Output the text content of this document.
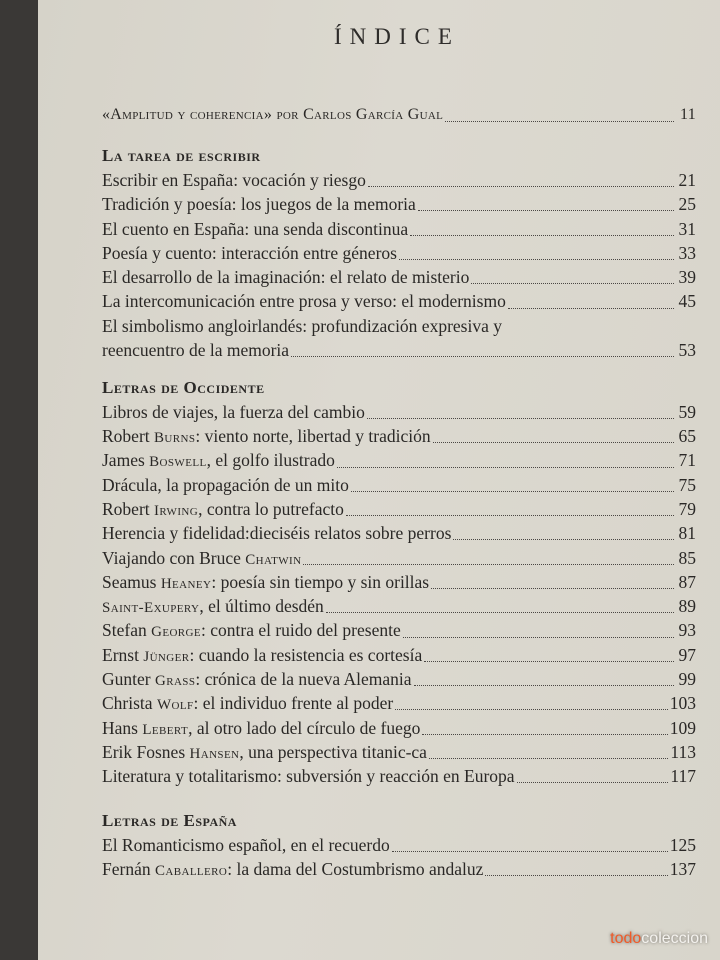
ÍNDICE
«Amplitud y coherencia» por Carlos García Gual	11
La tarea de escribir
Escribir en España: vocación y riesgo	21
Tradición y poesía: los juegos de la memoria	25
El cuento en España: una senda discontinua	31
Poesía y cuento: interacción entre géneros	33
El desarrollo de la imaginación: el relato de misterio	39
La intercomunicación entre prosa y verso: el modernismo	45
El simbolismo angloirlandés: profundización expresiva y
reencuentro de la memoria	53
Letras de Occidente
Libros de viajes, la fuerza del cambio	59
Robert Burns: viento norte, libertad y tradición	65
James Boswell, el golfo ilustrado	71
Drácula, la propagación de un mito	75
Robert Irwing, contra lo putrefacto	79
Herencia y fidelidad:dieciséis relatos sobre perros	81
Viajando con Bruce Chatwin	85
Seamus Heaney: poesía sin tiempo y sin orillas	87
Saint-Exupery, el último desdén	89
Stefan George: contra el ruido del presente	93
Ernst Jünger: cuando la resistencia es cortesía	97
Gunter Grass: crónica de la nueva Alemania	99
Christa Wolf: el individuo frente al poder	103
Hans Lebert, al otro lado del círculo de fuego	109
Erik Fosnes Hansen, una perspectiva titanic-ca	113
Literatura y totalitarismo: subversión y reacción en Europa	117
Letras de España
El Romanticismo español, en el recuerdo	125
Fernán Caballero: la dama del Costumbrismo andaluz	137
todocoleccion
